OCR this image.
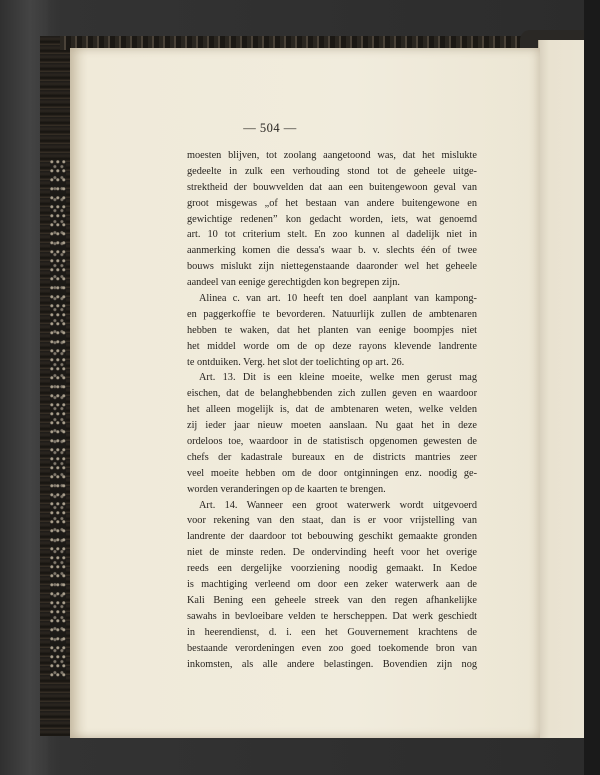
— 504 —
moesten blijven, tot zoolang aangetoond was, dat het mislukte
gedeelte in zulk een verhouding stond tot de geheele uitge-
strektheid der bouwvelden dat aan een buitengewoon geval van
groot misgewas „of het bestaan van andere buitengewone en
gewichtige redenen” kon gedacht worden, iets, wat genoemd
art. 10 tot criterium stelt. En zoo kunnen al dadelijk niet in
aanmerking komen die dessa's waar b. v. slechts één of twee
bouws mislukt zijn niettegenstaande daaronder wel het geheele
aandeel van eenige gerechtigden kon begrepen zijn.
Alinea c. van art. 10 heeft ten doel aanplant van kampong-
en paggerkoffie te bevorderen. Natuurlijk zullen de ambtenaren
hebben te waken, dat het planten van eenige boompjes niet
het middel worde om de op deze rayons klevende landrente
te ontduiken. Verg. het slot der toelichting op art. 26.
Art. 13. Dit is een kleine moeite, welke men gerust mag
eischen, dat de belanghebbenden zich zullen geven en waardoor
het alleen mogelijk is, dat de ambtenaren weten, welke velden
zij ieder jaar nieuw moeten aanslaan. Nu gaat het in deze
ordeloos toe, waardoor in de statistisch opgenomen gewesten de
chefs der kadastrale bureaux en de districts mantries zeer
veel moeite hebben om de door ontginningen enz. noodig ge-
worden veranderingen op de kaarten te brengen.
Art. 14. Wanneer een groot waterwerk wordt uitgevoerd
voor rekening van den staat, dan is er voor vrijstelling van
landrente der daardoor tot bebouwing geschikt gemaakte gronden
niet de minste reden. De ondervinding heeft voor het overige
reeds een dergelijke voorziening noodig gemaakt. In Kedoe
is machtiging verleend om door een zeker waterwerk aan de
Kali Bening een geheele streek van den regen afhankelijke
sawahs in bevloeibare velden te herscheppen. Dat werk geschiedt
in heerendienst, d. i. een het Gouvernement krachtens de
bestaande verordeningen even zoo goed toekomende bron van
inkomsten, als alle andere belastingen. Bovendien zijn nog
